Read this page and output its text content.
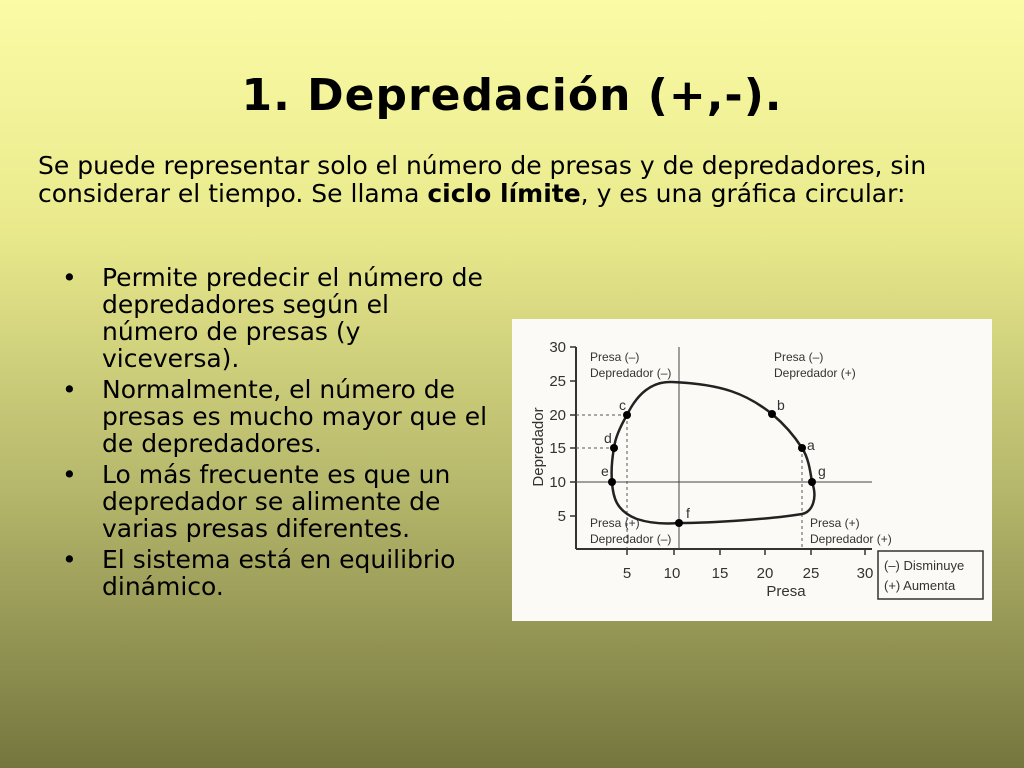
1. Depredación (+,-).
Se puede representar solo el número de presas y de depredadores, sin considerar el tiempo. Se llama ciclo límite, y es una gráfica circular:
• Permite predecir el número de depredadores según el número de presas (y viceversa).
• Normalmente, el número de presas es mucho mayor que el de depredadores.
• Lo más frecuente es que un depredador se alimente de varias presas diferentes.
• El sistema está en equilibrio dinámico.
30
25
20
15
10
5
5 10 15 20 25 30
Presa
Depredador
Presa (–)
Depredador (–)
Presa (–)
Depredador (+)
Presa (+)
Depredador (–)
Presa (+)
Depredador (+)
a
b
c
d
e
f
g
(–) Disminuye
(+) Aumenta
